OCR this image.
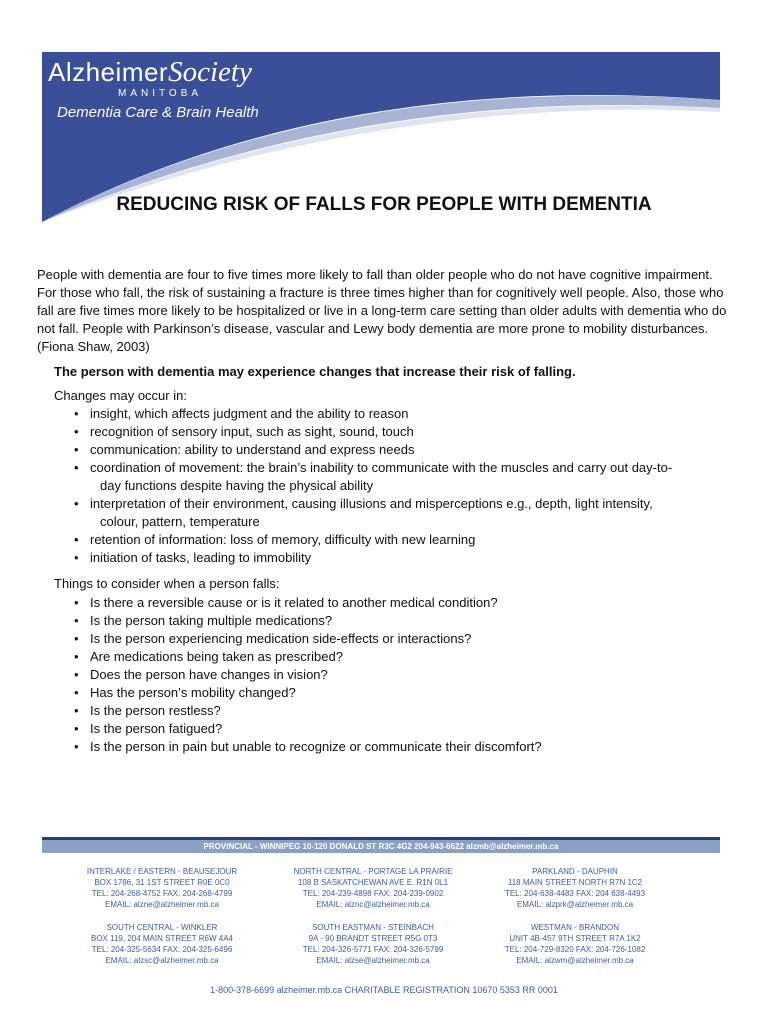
AlzheimerSociety
MANITOBA
Dementia Care & Brain Health
REDUCING RISK OF FALLS FOR PEOPLE WITH DEMENTIA
People with dementia are four to five times more likely to fall than older people who do not have cognitive impairment. For those who fall, the risk of sustaining a fracture is three times higher than for cognitively well people. Also, those who fall are five times more likely to be hospitalized or live in a long-term care setting than older adults with dementia who do not fall. People with Parkinson’s disease, vascular and Lewy body dementia are more prone to mobility disturbances. (Fiona Shaw, 2003)
The person with dementia may experience changes that increase their risk of falling.
Changes may occur in:
• insight, which affects judgment and the ability to reason
• recognition of sensory input, such as sight, sound, touch
• communication: ability to understand and express needs
• coordination of movement: the brain’s inability to communicate with the muscles and carry out day-to-
day functions despite having the physical ability
• interpretation of their environment, causing illusions and misperceptions e.g., depth, light intensity,
colour, pattern, temperature
• retention of information: loss of memory, difficulty with new learning
• initiation of tasks, leading to immobility
Things to consider when a person falls:
• Is there a reversible cause or is it related to another medical condition?
• Is the person taking multiple medications?
• Is the person experiencing medication side-effects or interactions?
• Are medications being taken as prescribed?
• Does the person have changes in vision?
• Has the person’s mobility changed?
• Is the person restless?
• Is the person fatigued?
• Is the person in pain but unable to recognize or communicate their discomfort?
PROVINCIAL - WINNIPEG 10-120 DONALD ST R3C 4G2 204-943-6622 alzmb@alzheimer.mb.ca
INTERLAKE / EASTERN - BEAUSEJOUR
BOX 1786, 31 1ST STREET R0E 0C0
TEL: 204-268-4752 FAX: 204-268-4799
EMAIL: alzne@alzheimer.mb.ca
NORTH CENTRAL - PORTAGE LA PRAIRIE
108 B SASKATCHEWAN AVE E. R1N 0L1
TEL: 204-239-4898 FAX: 204-239-0902
EMAIL: alznc@alzheimer.mb.ca
PARKLAND - DAUPHIN
118 MAIN STREET NORTH R7N 1C2
TEL: 204-638-4483 FAX: 204 638-4493
EMAIL: alzprk@alzheimer.mb.ca
SOUTH CENTRAL - WINKLER
BOX 119, 204 MAIN STREET R6W 4A4
TEL: 204-325-5634 FAX: 204-325-6496
EMAIL: alzsc@alzheimer.mb.ca
SOUTH EASTMAN - STEINBACH
9A - 90 BRANDT STREET R5G 0T3
TEL: 204-326-5771 FAX: 204-326-5799
EMAIL: alzse@alzheimer.mb.ca
WESTMAN - BRANDON
UNIT 4B-457 9TH STREET R7A 1K2
TEL: 204-729-8320 FAX: 204-726-1082
EMAIL: alzwm@alzheimer.mb.ca
1-800-378-6699 alzheimer.mb.ca CHARITABLE REGISTRATION 10670 5353 RR 0001
